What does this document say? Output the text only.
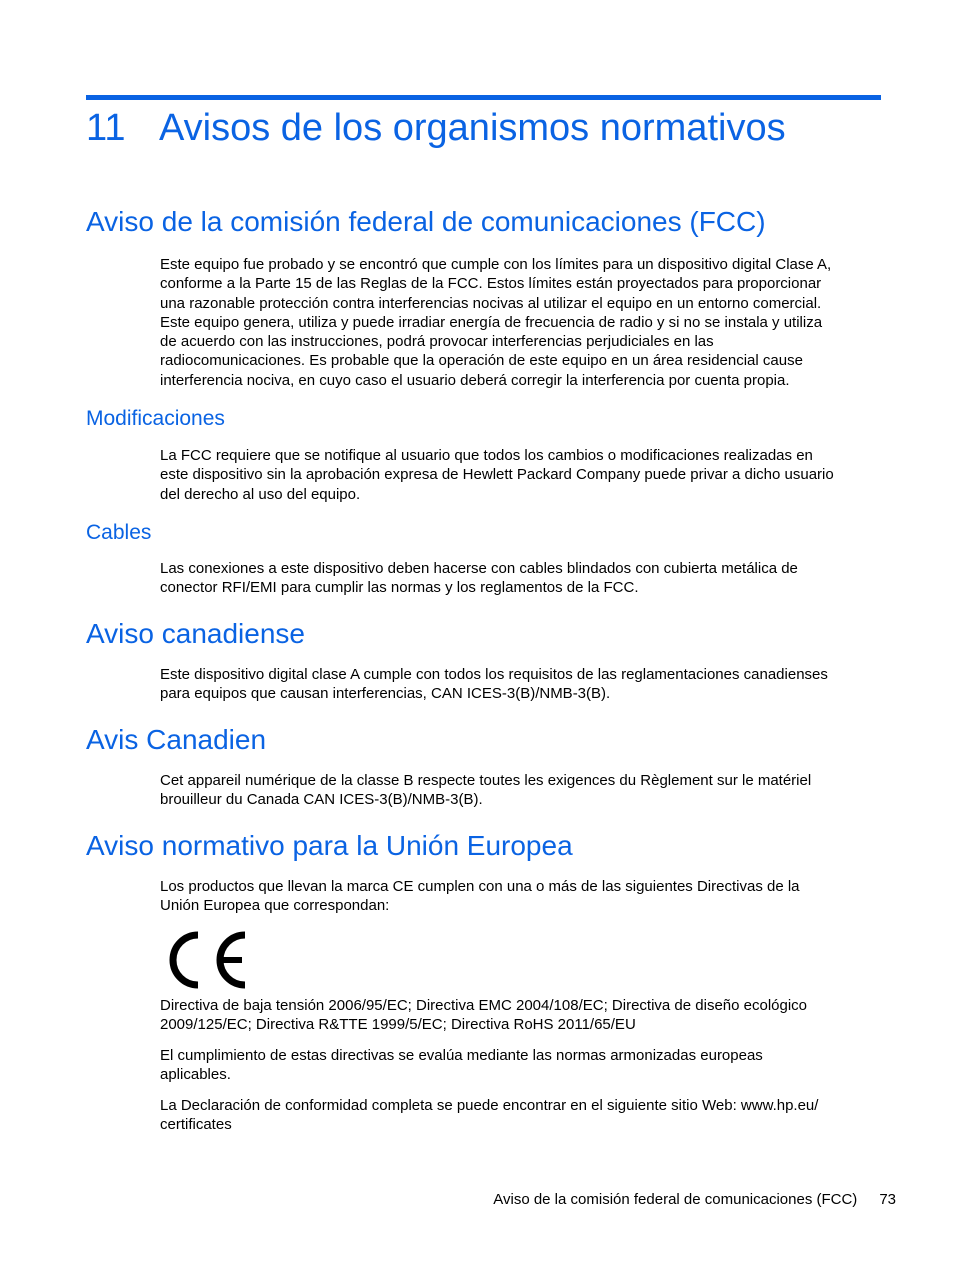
11 Avisos de los organismos normativos
Aviso de la comisión federal de comunicaciones (FCC)
Este equipo fue probado y se encontró que cumple con los límites para un dispositivo digital Clase A,
conforme a la Parte 15 de las Reglas de la FCC. Estos límites están proyectados para proporcionar
una razonable protección contra interferencias nocivas al utilizar el equipo en un entorno comercial.
Este equipo genera, utiliza y puede irradiar energía de frecuencia de radio y si no se instala y utiliza
de acuerdo con las instrucciones, podrá provocar interferencias perjudiciales en las
radiocomunicaciones. Es probable que la operación de este equipo en un área residencial cause
interferencia nociva, en cuyo caso el usuario deberá corregir la interferencia por cuenta propia.
Modificaciones
La FCC requiere que se notifique al usuario que todos los cambios o modificaciones realizadas en
este dispositivo sin la aprobación expresa de Hewlett Packard Company puede privar a dicho usuario
del derecho al uso del equipo.
Cables
Las conexiones a este dispositivo deben hacerse con cables blindados con cubierta metálica de
conector RFI/EMI para cumplir las normas y los reglamentos de la FCC.
Aviso canadiense
Este dispositivo digital clase A cumple con todos los requisitos de las reglamentaciones canadienses
para equipos que causan interferencias, CAN ICES-3(B)/NMB-3(B).
Avis Canadien
Cet appareil numérique de la classe B respecte toutes les exigences du Règlement sur le matériel
brouilleur du Canada CAN ICES-3(B)/NMB-3(B).
Aviso normativo para la Unión Europea
Los productos que llevan la marca CE cumplen con una o más de las siguientes Directivas de la
Unión Europea que correspondan:
Directiva de baja tensión 2006/95/EC; Directiva EMC 2004/108/EC; Directiva de diseño ecológico
2009/125/EC; Directiva R&TTE 1999/5/EC; Directiva RoHS 2011/65/EU
El cumplimiento de estas directivas se evalúa mediante las normas armonizadas europeas
aplicables.
La Declaración de conformidad completa se puede encontrar en el siguiente sitio Web: www.hp.eu/
certificates
Aviso de la comisión federal de comunicaciones (FCC) 73
